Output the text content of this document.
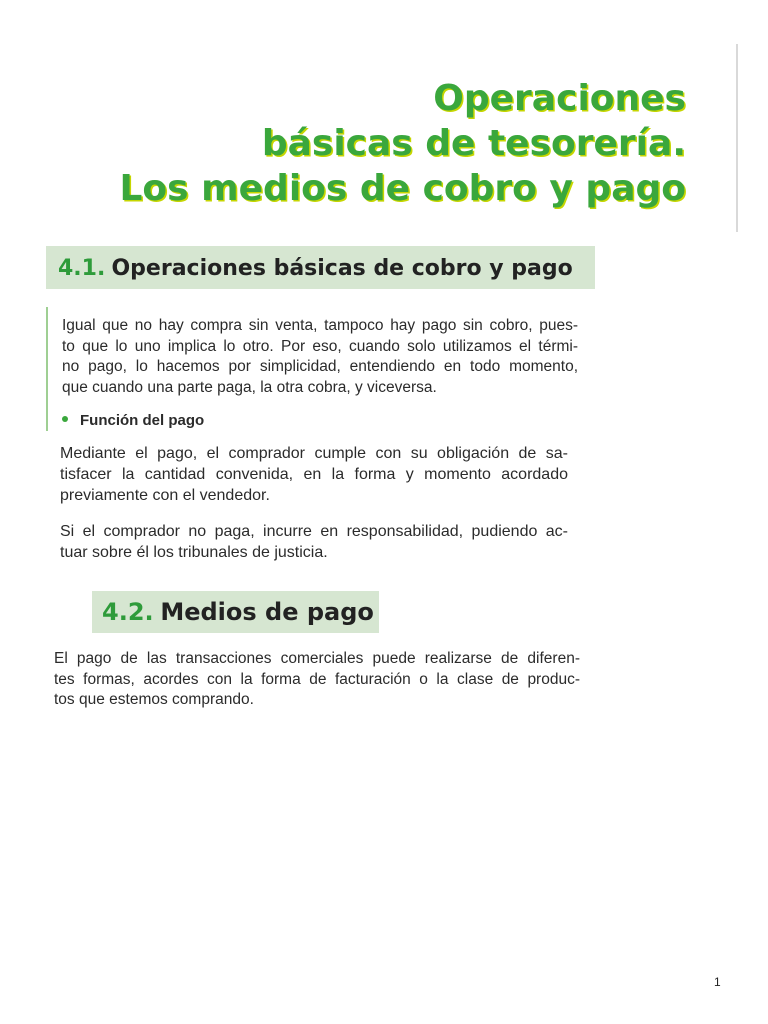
Operaciones
básicas de tesorería.
Los medios de cobro y pago
4.1. Operaciones básicas de cobro y pago

Igual que no hay compra sin venta, tampoco hay pago sin cobro, pues-
to que lo uno implica lo otro. Por eso, cuando solo utilizamos el térmi-
no pago, lo hacemos por simplicidad, entendiendo en todo momento,
que cuando una parte paga, la otra cobra, y viceversa.

Función del pago

Mediante el pago, el comprador cumple con su obligación de sa-
tisfacer la cantidad convenida, en la forma y momento acordado
previamente con el vendedor.

Si el comprador no paga, incurre en responsabilidad, pudiendo ac-
tuar sobre él los tribunales de justicia.

4.2. Medios de pago

El pago de las transacciones comerciales puede realizarse de diferen-
tes formas, acordes con la forma de facturación o la clase de produc-
tos que estemos comprando.

1
